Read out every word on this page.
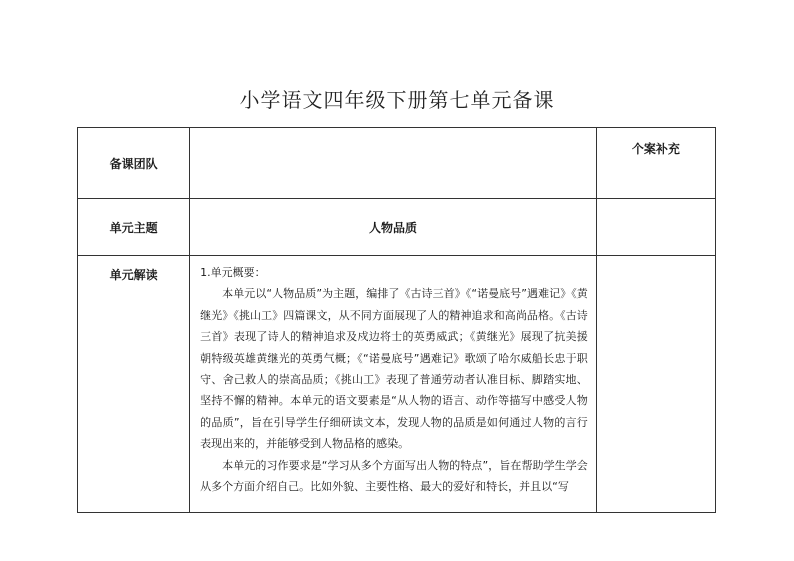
小学语文四年级下册第七单元备课
备课团队		个案补充
单元主题	人物品质	
单元解读	1.单元概要：

本单元以“人物品质”为主题，编排了《古诗三首》《“诺曼底号”遇难记》《黄继光》《挑山工》四篇课文，从不同方面展现了人的精神追求和高尚品格。《古诗三首》表现了诗人的精神追求及戍边将士的英勇威武；《黄继光》展现了抗美援朝特级英雄黄继光的英勇气概；《“诺曼底号”遇难记》歌颂了哈尔威船长忠于职守、舍己救人的崇高品质；《挑山工》表现了普通劳动者认准目标、脚踏实地、坚持不懈的精神。本单元的语文要素是“从人物的语言、动作等描写中感受人物的品质”，旨在引导学生仔细研读文本，发现人物的品质是如何通过人物的言行表现出来的，并能够受到人物品格的感染。

本单元的习作要求是“学习从多个方面写出人物的特点”，旨在帮助学生学会从多个方面介绍自己。比如外貌、主要性格、最大的爱好和特长，并且以“写	
